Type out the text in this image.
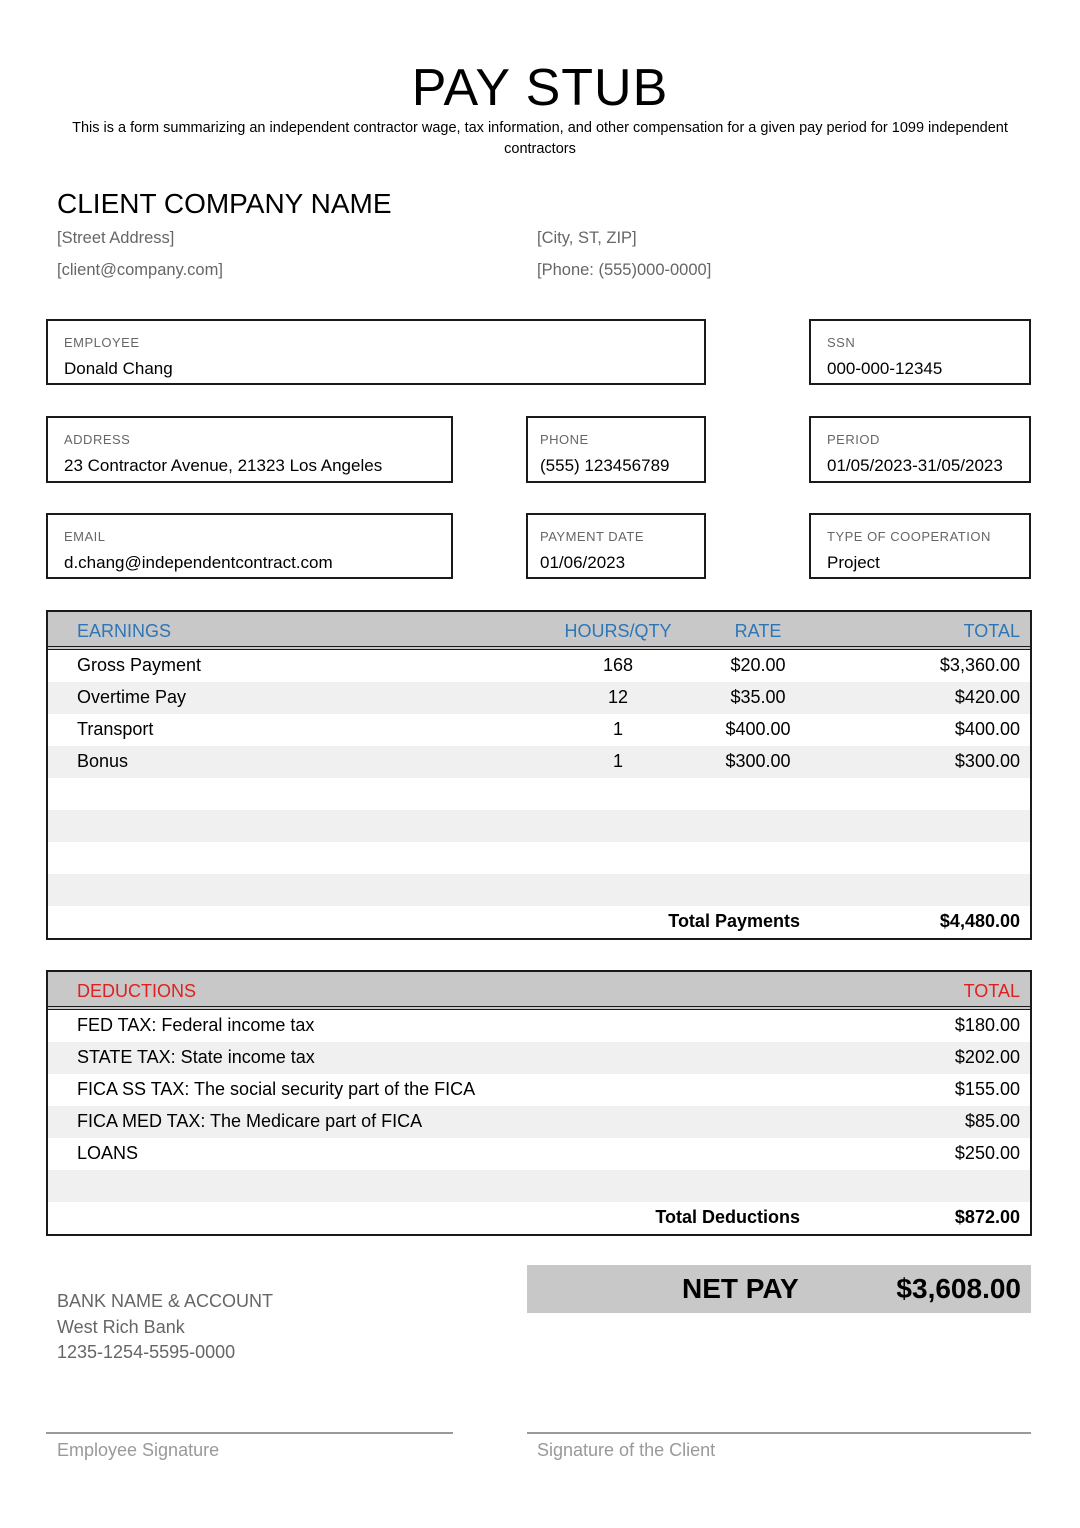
PAY STUB
This is a form summarizing an independent contractor wage, tax information, and other compensation for a given pay period for 1099 independent contractors
CLIENT COMPANY NAME
[Street Address]	[City, ST, ZIP]
[client@company.com]	[Phone: (555)000-0000]
EMPLOYEE
Donald Chang
SSN
000-000-12345
ADDRESS
23 Contractor Avenue, 21323 Los Angeles
PHONE
(555) 123456789
PERIOD
01/05/2023-31/05/2023
EMAIL
d.chang@independentcontract.com
PAYMENT DATE
01/06/2023
TYPE OF COOPERATION
Project
EARNINGS	HOURS/QTY	RATE	TOTAL
Gross Payment	168	$20.00	$3,360.00
Overtime Pay	12	$35.00	$420.00
Transport	1	$400.00	$400.00
Bonus	1	$300.00	$300.00
Total Payments	$4,480.00
DEDUCTIONS	TOTAL
FED TAX: Federal income tax	$180.00
STATE TAX: State income tax	$202.00
FICA SS TAX: The social security part of the FICA	$155.00
FICA MED TAX: The Medicare part of FICA	$85.00
LOANS	$250.00
Total Deductions	$872.00
NET PAY	$3,608.00
BANK NAME & ACCOUNT
West Rich Bank
1235-1254-5595-0000
Employee Signature	Signature of the Client
